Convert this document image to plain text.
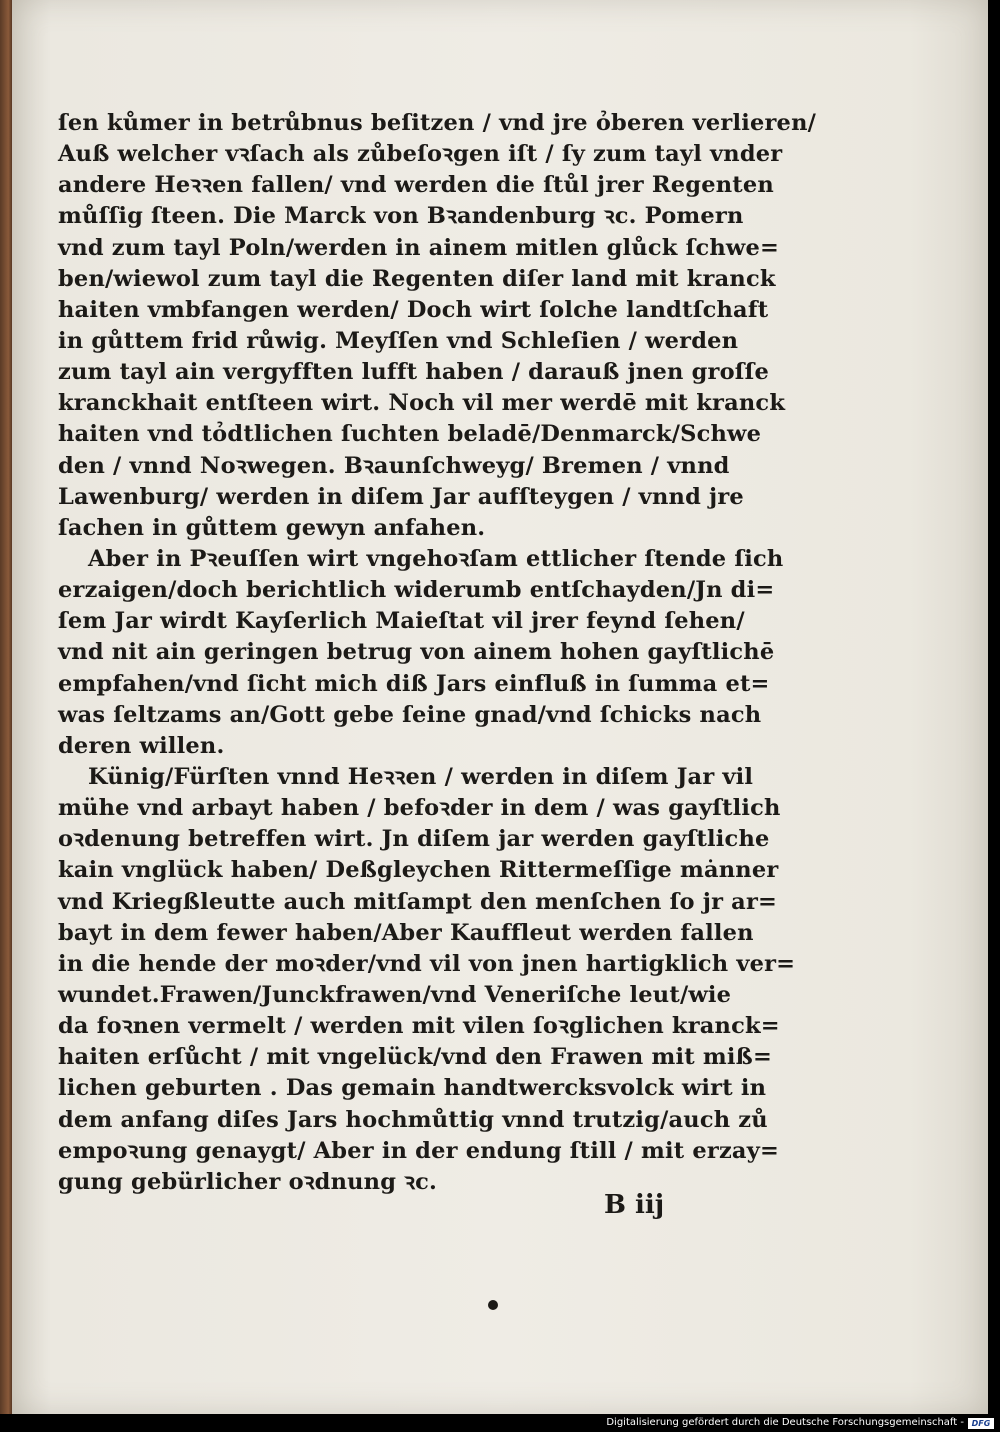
ſen kůmer in betrůbnus beſitzen / vnd jre ỏberen verlieren/
Auß welcher vꝛſach als zůbeſoꝛgen iſt / ſy zum tayl vnder
andere Heꝛꝛen fallen/ vnd werden die ſtůl jrer Regenten
můſſig ſteen. Die Marck von Bꝛandenburg ꝛc. Pomern
vnd zum tayl Poln/werden in ainem mitlen glůck ſchwe=
ben/wiewol zum tayl die Regenten diſer land mit kranck
haiten vmbfangen werden/ Doch wirt ſolche landtſchaft
in gůttem frid růwig. Meyſſen vnd Schleſien / werden
zum tayl ain vergyfften lufft haben / darauß jnen groſſe
kranckhait entſteen wirt. Noch vil mer werdē mit kranck
haiten vnd tỏdtlichen ſuchten beladē/Denmarck/Schwe
den / vnnd Noꝛwegen. Bꝛaunſchweyg/ Bremen / vnnd
Lawenburg/ werden in diſem Jar aufſteygen / vnnd jre
ſachen in gůttem gewyn anfahen.
Aber in Pꝛeuſſen wirt vngehoꝛſam ettlicher ſtende ſich
erzaigen/doch berichtlich widerumb entſchayden/Jn di=
ſem Jar wirdt Kayſerlich Maieſtat vil jrer feynd ſehen/
vnd nit ain geringen betrug von ainem hohen gayſtlichē
empfahen/vnd ſicht mich diß Jars einfluß in ſumma et=
was ſeltzams an/Gott gebe ſeine gnad/vnd ſchicks nach
deren willen.
Künig/Fürſten vnnd Heꝛꝛen / werden in diſem Jar vil
mühe vnd arbayt haben / befoꝛder in dem / was gayſtlich
oꝛdenung betreffen wirt. Jn diſem jar werden gayſtliche
kain vnglück haben/ Deßgleychen Rittermeſſige mȧnner
vnd Kriegßleutte auch mitſampt den menſchen ſo jr ar=
bayt in dem fewer haben/Aber Kauffleut werden fallen
in die hende der moꝛder/vnd vil von jnen hartigklich ver=
wundet.Frawen/Junckfrawen/vnd Veneriſche leut/wie
da foꝛnen vermelt / werden mit vilen ſoꝛglichen kranck=
haiten erſůcht / mit vngelück/vnd den Frawen mit miß=
lichen geburten . Das gemain handtwercksvolck wirt in
dem anfang diſes Jars hochmůttig vnnd trutzig/auch zů
empoꝛung genaygt/ Aber in der endung ſtill / mit erzay=
gung gebürlicher oꝛdnung ꝛc.
B iij
Digitalisierung gefördert durch die Deutsche Forschungsgemeinschaft - DFG
